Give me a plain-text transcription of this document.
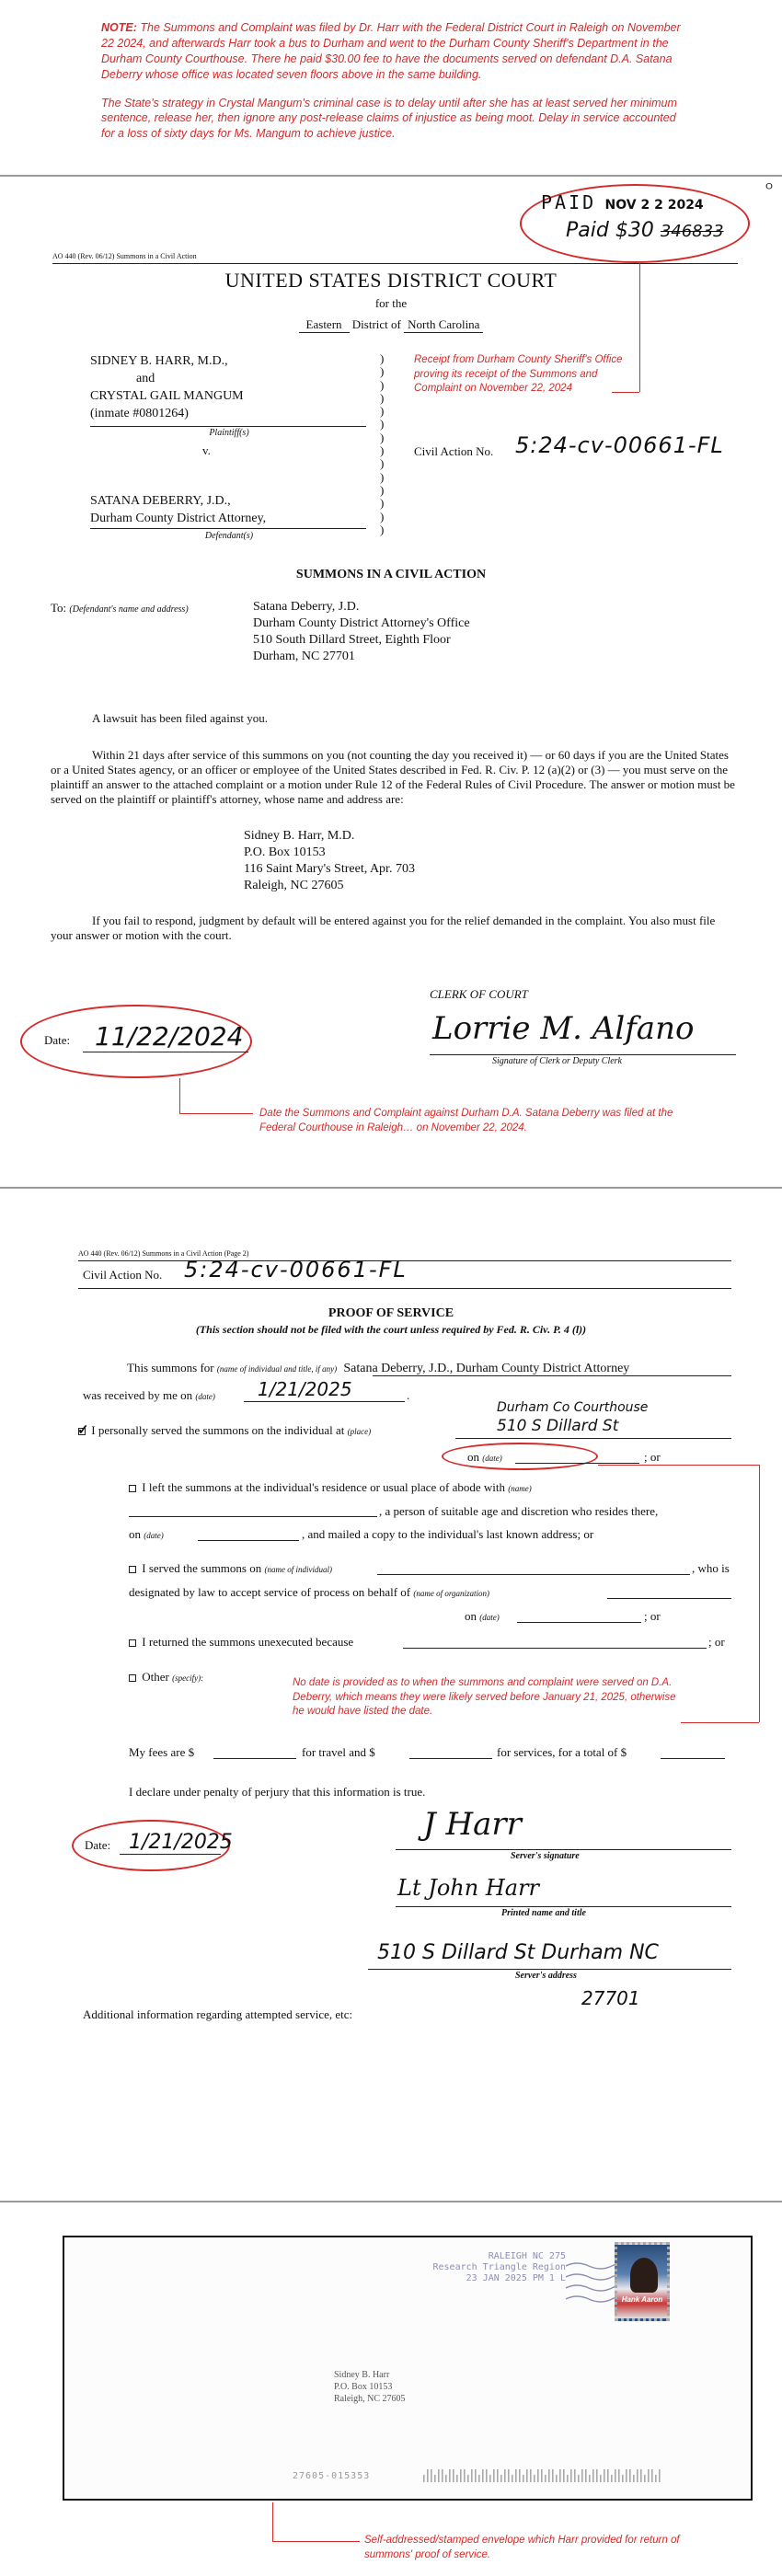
NOTE: The Summons and Complaint was filed by Dr. Harr with the Federal District Court in Raleigh on November 22 2024, and afterwards Harr took a bus to Durham and went to the Durham County Sheriff's Department in the Durham County Courthouse. There he paid $30.00 fee to have the documents served on defendant D.A. Satana Deberry whose office was located seven floors above in the same building.

The State's strategy in Crystal Mangum's criminal case is to delay until after she has at least served her minimum sentence, release her, then ignore any post-release claims of injustice as being moot. Delay in service accounted for a loss of sixty days for Ms. Mangum to achieve justice.

PAID NOV 2 2 2024
Paid $30 346833
ᴼ
AO 440 (Rev. 06/12) Summons in a Civil Action
UNITED STATES DISTRICT COURT
for the
Eastern District of North Carolina
SIDNEY B. HARR, M.D.,
and
CRYSTAL GAIL MANGUM
(inmate #0801264)
Plaintiff(s)
v.
SATANA DEBERRY, J.D.,
Durham County District Attorney,
Defendant(s)
)
)
)
)
)
)
)
)
)
)
)
)
)
)
Receipt from Durham County Sheriff's Office proving its receipt of the Summons and Complaint on November 22, 2024
Civil Action No. 5:24-cv-00661-FL
SUMMONS IN A CIVIL ACTION
To: (Defendant's name and address)	Satana Deberry, J.D.
Durham County District Attorney's Office
510 South Dillard Street, Eighth Floor
Durham, NC 27701
A lawsuit has been filed against you.
Within 21 days after service of this summons on you (not counting the day you received it) — or 60 days if you are the United States or a United States agency, or an officer or employee of the United States described in Fed. R. Civ. P. 12 (a)(2) or (3) — you must serve on the plaintiff an answer to the attached complaint or a motion under Rule 12 of the Federal Rules of Civil Procedure. The answer or motion must be served on the plaintiff or plaintiff's attorney, whose name and address are:
Sidney B. Harr, M.D.
P.O. Box 10153
116 Saint Mary's Street, Apr. 703
Raleigh, NC 27605
If you fail to respond, judgment by default will be entered against you for the relief demanded in the complaint. You also must file your answer or motion with the court.
CLERK OF COURT
Date: 11/22/2024	Lorrie M. Alfano
Signature of Clerk or Deputy Clerk
Date the Summons and Complaint against Durham D.A. Satana Deberry was filed at the Federal Courthouse in Raleigh… on November 22, 2024.
AO 440 (Rev. 06/12) Summons in a Civil Action (Page 2)
Civil Action No. 5:24-cv-00661-FL
PROOF OF SERVICE
(This section should not be filed with the court unless required by Fed. R. Civ. P. 4 (l))
This summons for (name of individual and title, if any) Satana Deberry, J.D., Durham County District Attorney
was received by me on (date) 1/21/2025	.
Durham Co Courthouse
✓ I personally served the summons on the individual at (place)	510 S Dillard St
on (date)	; or
I left the summons at the individual's residence or usual place of abode with (name)
, a person of suitable age and discretion who resides there,
on (date)	, and mailed a copy to the individual's last known address; or
I served the summons on (name of individual)	, who is
designated by law to accept service of process on behalf of (name of organization)
on (date)	; or
I returned the summons unexecuted because	; or
Other (specify):	No date is provided as to when the summons and complaint were served on D.A. Deberry, which means they were likely served before January 21, 2025, otherwise he would have listed the date.
My fees are $	for travel and $	for services, for a total of $
I declare under penalty of perjury that this information is true.
Date: 1/21/2025	J Harr
Server's signature
Lt John Harr
Printed name and title
510 S Dillard St Durham NC
Server's address
27701
Additional information regarding attempted service, etc:
RALEIGH NC 275
Research Triangle Region
23 JAN 2025 PM 1 L
Hank Aaron
Sidney B. Harr
P.O. Box 10153
Raleigh, NC 27605
27605-015353
Self-addressed/stamped envelope which Harr provided for return of summons' proof of service.
